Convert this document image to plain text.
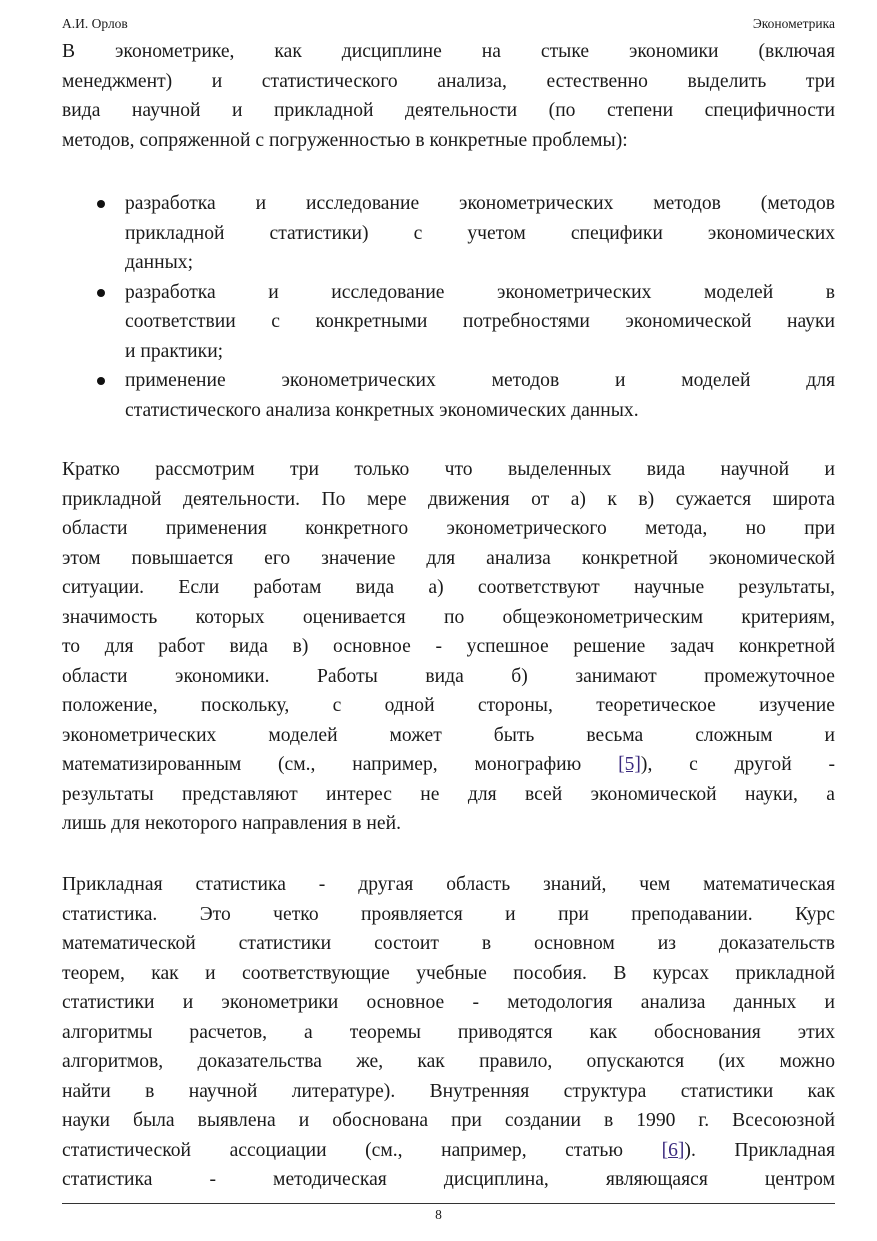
А.И. Орлов	Эконометрика
В эконометрике, как дисциплине на стыке экономики (включая
менеджмент) и статистического анализа, естественно выделить три
вида научной и прикладной деятельности (по степени специфичности
методов, сопряженной с погруженностью в конкретные проблемы):
разработка и исследование эконометрических методов (методов
прикладной статистики) с учетом специфики экономических
данных;
разработка и исследование эконометрических моделей в
соответствии с конкретными потребностями экономической науки
и практики;
применение эконометрических методов и моделей для
статистического анализа конкретных экономических данных.
Кратко рассмотрим три только что выделенных вида научной и
прикладной деятельности. По мере движения от а) к в) сужается широта
области применения конкретного эконометрического метода, но при
этом повышается его значение для анализа конкретной экономической
ситуации. Если работам вида а) соответствуют научные результаты,
значимость которых оценивается по общеэконометрическим критериям,
то для работ вида в) основное - успешное решение задач конкретной
области экономики. Работы вида б) занимают промежуточное
положение, поскольку, с одной стороны, теоретическое изучение
эконометрических моделей может быть весьма сложным и
математизированным (см., например, монографию [5]), с другой -
результаты представляют интерес не для всей экономической науки, а
лишь для некоторого направления в ней.
Прикладная статистика - другая область знаний, чем математическая
статистика. Это четко проявляется и при преподавании. Курс
математической статистики состоит в основном из доказательств
теорем, как и соответствующие учебные пособия. В курсах прикладной
статистики и эконометрики основное - методология анализа данных и
алгоритмы расчетов, а теоремы приводятся как обоснования этих
алгоритмов, доказательства же, как правило, опускаются (их можно
найти в научной литературе). Внутренняя структура статистики как
науки была выявлена и обоснована при создании в 1990 г. Всесоюзной
статистической ассоциации (см., например, статью [6]). Прикладная
статистика - методическая дисциплина, являющаяся центром
8
